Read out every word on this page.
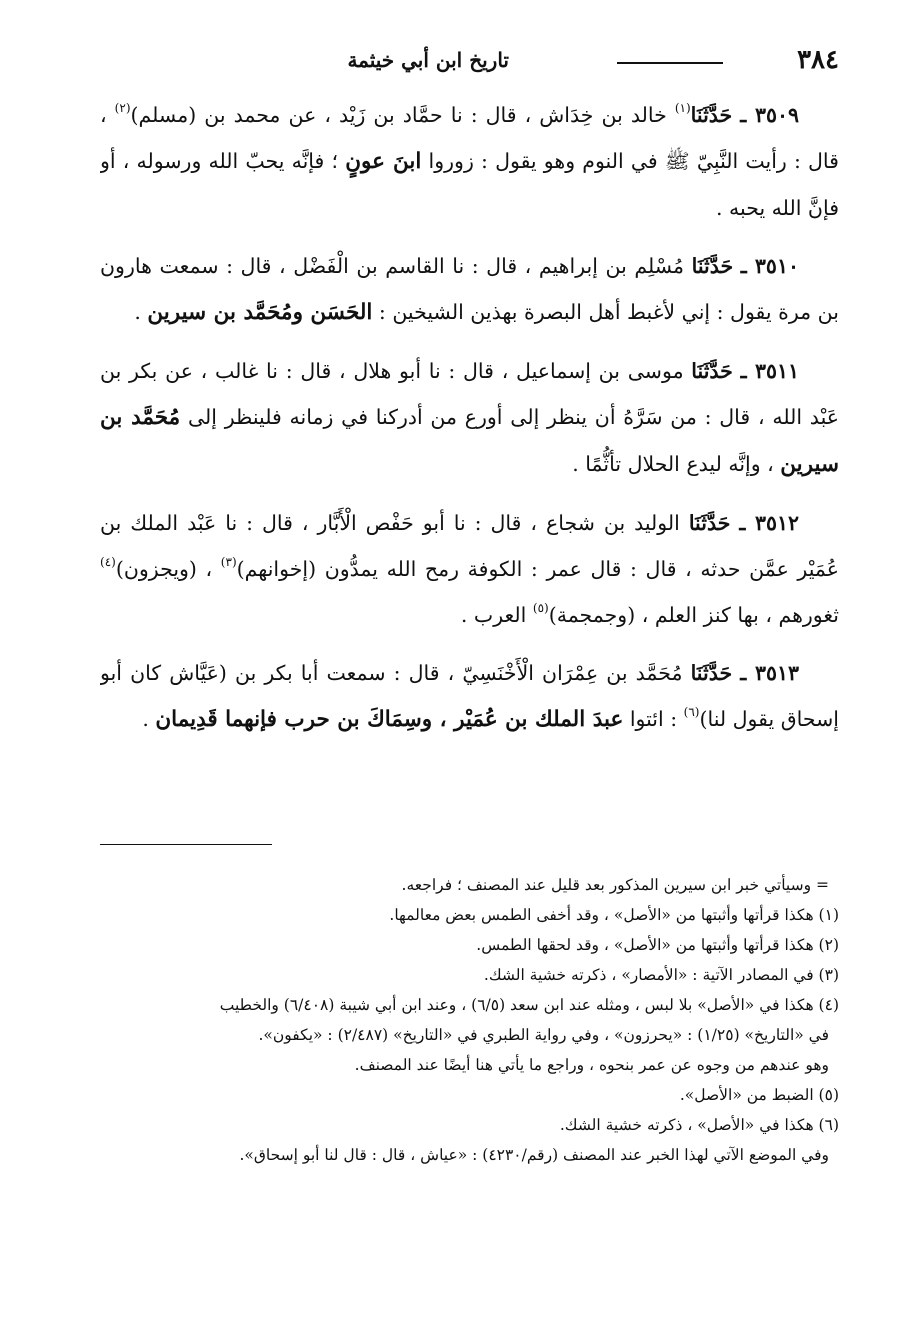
٣٨٤
تاريخ ابن أبي خيثمة

٣٥٠٩ ـ حَدَّثَنَا$^{(١)}$ خالد بن خِدَاش ، قال : نا حمَّاد بن زَيْد ، عن محمد بن (مسلم)$^{(٢)}$ ، قال : رأيت النَّبِيّ ﷺ في النوم وهو يقول : زوروا ابنَ عونٍ ؛ فإنَّه يحبّ الله ورسوله ، أو فإنَّ الله يحبه .

٣٥١٠ ـ حَدَّثَنَا مُسْلِم بن إبراهيم ، قال : نا القاسم بن الْفَضْل ، قال : سمعت هارون بن مرة يقول : إني لأغبط أهل البصرة بهذين الشيخين : الحَسَن ومُحَمَّد بن سيرين .

٣٥١١ ـ حَدَّثَنَا موسى بن إسماعيل ، قال : نا أبو هلال ، قال : نا غالب ، عن بكر بن عَبْد الله ، قال : من سَرَّهُ أن ينظر إلى أورع من أدركنا في زمانه فلينظر إلى مُحَمَّد بن سيرين ، وإنَّه ليدع الحلال تأثُّمًا .

٣٥١٢ ـ حَدَّثَنَا الوليد بن شجاع ، قال : نا أبو حَفْص الْأَبَّار ، قال : نا عَبْد الملك بن عُمَيْر عمَّن حدثه ، قال : قال عمر : الكوفة رمح الله يمدُّون (إخوانهم)$^{(٣)}$ ، (ويجزون)$^{(٤)}$ ثغورهم ، بها كنز العلم ، (وجمجمة)$^{(٥)}$ العرب .

٣٥١٣ ـ حَدَّثَنَا مُحَمَّد بن عِمْرَان الْأَخْنَسِيّ ، قال : سمعت أبا بكر بن (عَيَّاش كان أبو إسحاق يقول لنا)$^{(٦)}$ : ائتوا عبدَ الملك بن عُمَيْر ، وسِمَاكَ بن حرب فإنهما قَدِيمان .

= وسيأتي خبر ابن سيرين المذكور بعد قليل عند المصنف ؛ فراجعه.

(١) هكذا قرأتها وأثبتها من «الأصل» ، وقد أخفى الطمس بعض معالمها.

(٢) هكذا قرأتها وأثبتها من «الأصل» ، وقد لحقها الطمس.

(٣) في المصادر الآتية : «الأمصار» ، ذكرته خشية الشك.

(٤) هكذا في «الأصل» بلا لبس ، ومثله عند ابن سعد (٦/٥) ، وعند ابن أبي شيبة (٦/٤٠٨) والخطيب

في «التاريخ» (١/٢٥) : «يحرزون» ، وفي رواية الطبري في «التاريخ» (٢/٤٨٧) : «يكفون».

وهو عندهم من وجوه عن عمر بنحوه ، وراجع ما يأتي هنا أيضًا عند المصنف.

(٥) الضبط من «الأصل».

(٦) هكذا في «الأصل» ، ذكرته خشية الشك.

وفي الموضع الآتي لهذا الخبر عند المصنف (رقم/٤٢٣٠) : «عياش ، قال : قال لنا أبو إسحاق».
